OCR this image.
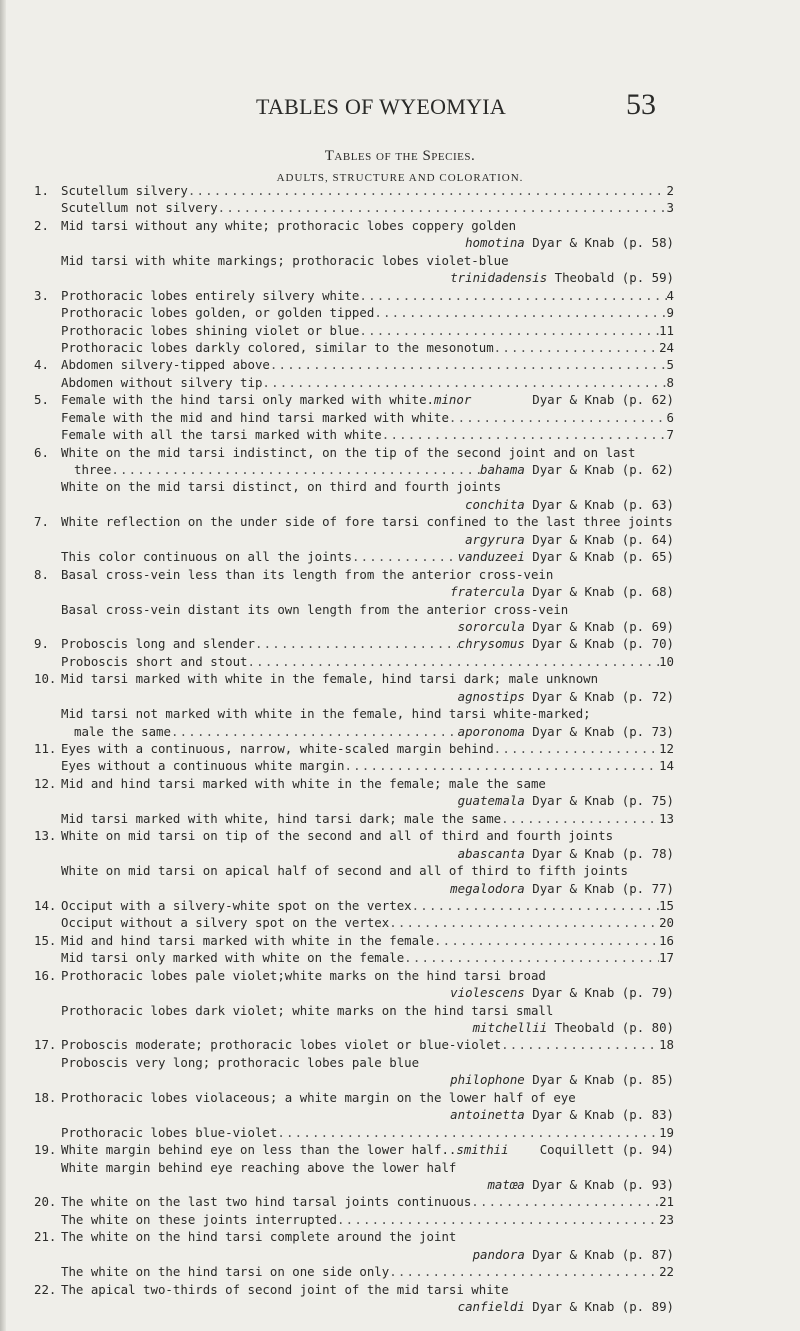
TABLES OF WYEOMYIA	53
Tables of the Species.
ADULTS, STRUCTURE AND COLORATION.
1. Scutellum silvery .....	2
Scutellum not silvery .....	3
2. Mid tarsi without any white; prothoracic lobes coppery golden
homotina Dyar & Knab (p. 58)
Mid tarsi with white markings; prothoracic lobes violet-blue
trinidadensis Theobald (p. 59)
3. Prothoracic lobes entirely silvery white .....	4
Prothoracic lobes golden, or golden tipped .....	9
Prothoracic lobes shining violet or blue .....	11
Prothoracic lobes darkly colored, similar to the mesonotum .....	24
4. Abdomen silvery-tipped above .....	5
Abdomen without silvery tip .....	8
5. Female with the hind tarsi only marked with white. minor	Dyar & Knab (p. 62)
Female with the mid and hind tarsi marked with white .....	6
Female with all the tarsi marked with white .....	7
6. White on the mid tarsi indistinct, on the tip of the second joint and on last
three .....	bahama Dyar & Knab (p. 62)
White on the mid tarsi distinct, on third and fourth joints
conchita Dyar & Knab (p. 63)
7. White reflection on the under side of fore tarsi confined to the last three joints
argyrura Dyar & Knab (p. 64)
This color continuous on all the joints .....	vanduzeei Dyar & Knab (p. 65)
8. Basal cross-vein less than its length from the anterior cross-vein
fratercula Dyar & Knab (p. 68)
Basal cross-vein distant its own length from the anterior cross-vein
sororcula Dyar & Knab (p. 69)
9. Proboscis long and slender .....	chrysomus Dyar & Knab (p. 70)
Proboscis short and stout .....	10
10. Mid tarsi marked with white in the female, hind tarsi dark; male unknown
agnostips Dyar & Knab (p. 72)
Mid tarsi not marked with white in the female, hind tarsi white-marked;
male the same .....	aporonoma Dyar & Knab (p. 73)
11. Eyes with a continuous, narrow, white-scaled margin behind .....	12
Eyes without a continuous white margin .....	14
12. Mid and hind tarsi marked with white in the female; male the same
guatemala Dyar & Knab (p. 75)
Mid tarsi marked with white, hind tarsi dark; male the same .....	13
13. White on mid tarsi on tip of the second and all of third and fourth joints
abascanta Dyar & Knab (p. 78)
White on mid tarsi on apical half of second and all of third to fifth joints
megalodora Dyar & Knab (p. 77)
14. Occiput with a silvery-white spot on the vertex .....	15
Occiput without a silvery spot on the vertex .....	20
15. Mid and hind tarsi marked with white in the female .....	16
Mid tarsi only marked with white on the female .....	17
16. Prothoracic lobes pale violet;white marks on the hind tarsi broad
violescens Dyar & Knab (p. 79)
Prothoracic lobes dark violet; white marks on the hind tarsi small
mitchellii Theobald (p. 80)
17. Proboscis moderate; prothoracic lobes violet or blue-violet .....	18
Proboscis very long; prothoracic lobes pale blue
philophone Dyar & Knab (p. 85)
18. Prothoracic lobes violaceous; a white margin on the lower half of eye
antoinetta Dyar & Knab (p. 83)
Prothoracic lobes blue-violet .....	19
19. White margin behind eye on less than the lower half.. smithii	Coquillett (p. 94)
White margin behind eye reaching above the lower half
matœa Dyar & Knab (p. 93)
20. The white on the last two hind tarsal joints continuous .....	21
The white on these joints interrupted .....	23
21. The white on the hind tarsi complete around the joint
pandora Dyar & Knab (p. 87)
The white on the hind tarsi on one side only .....	22
22. The apical two-thirds of second joint of the mid tarsi white
canfieldi Dyar & Knab (p. 89)
